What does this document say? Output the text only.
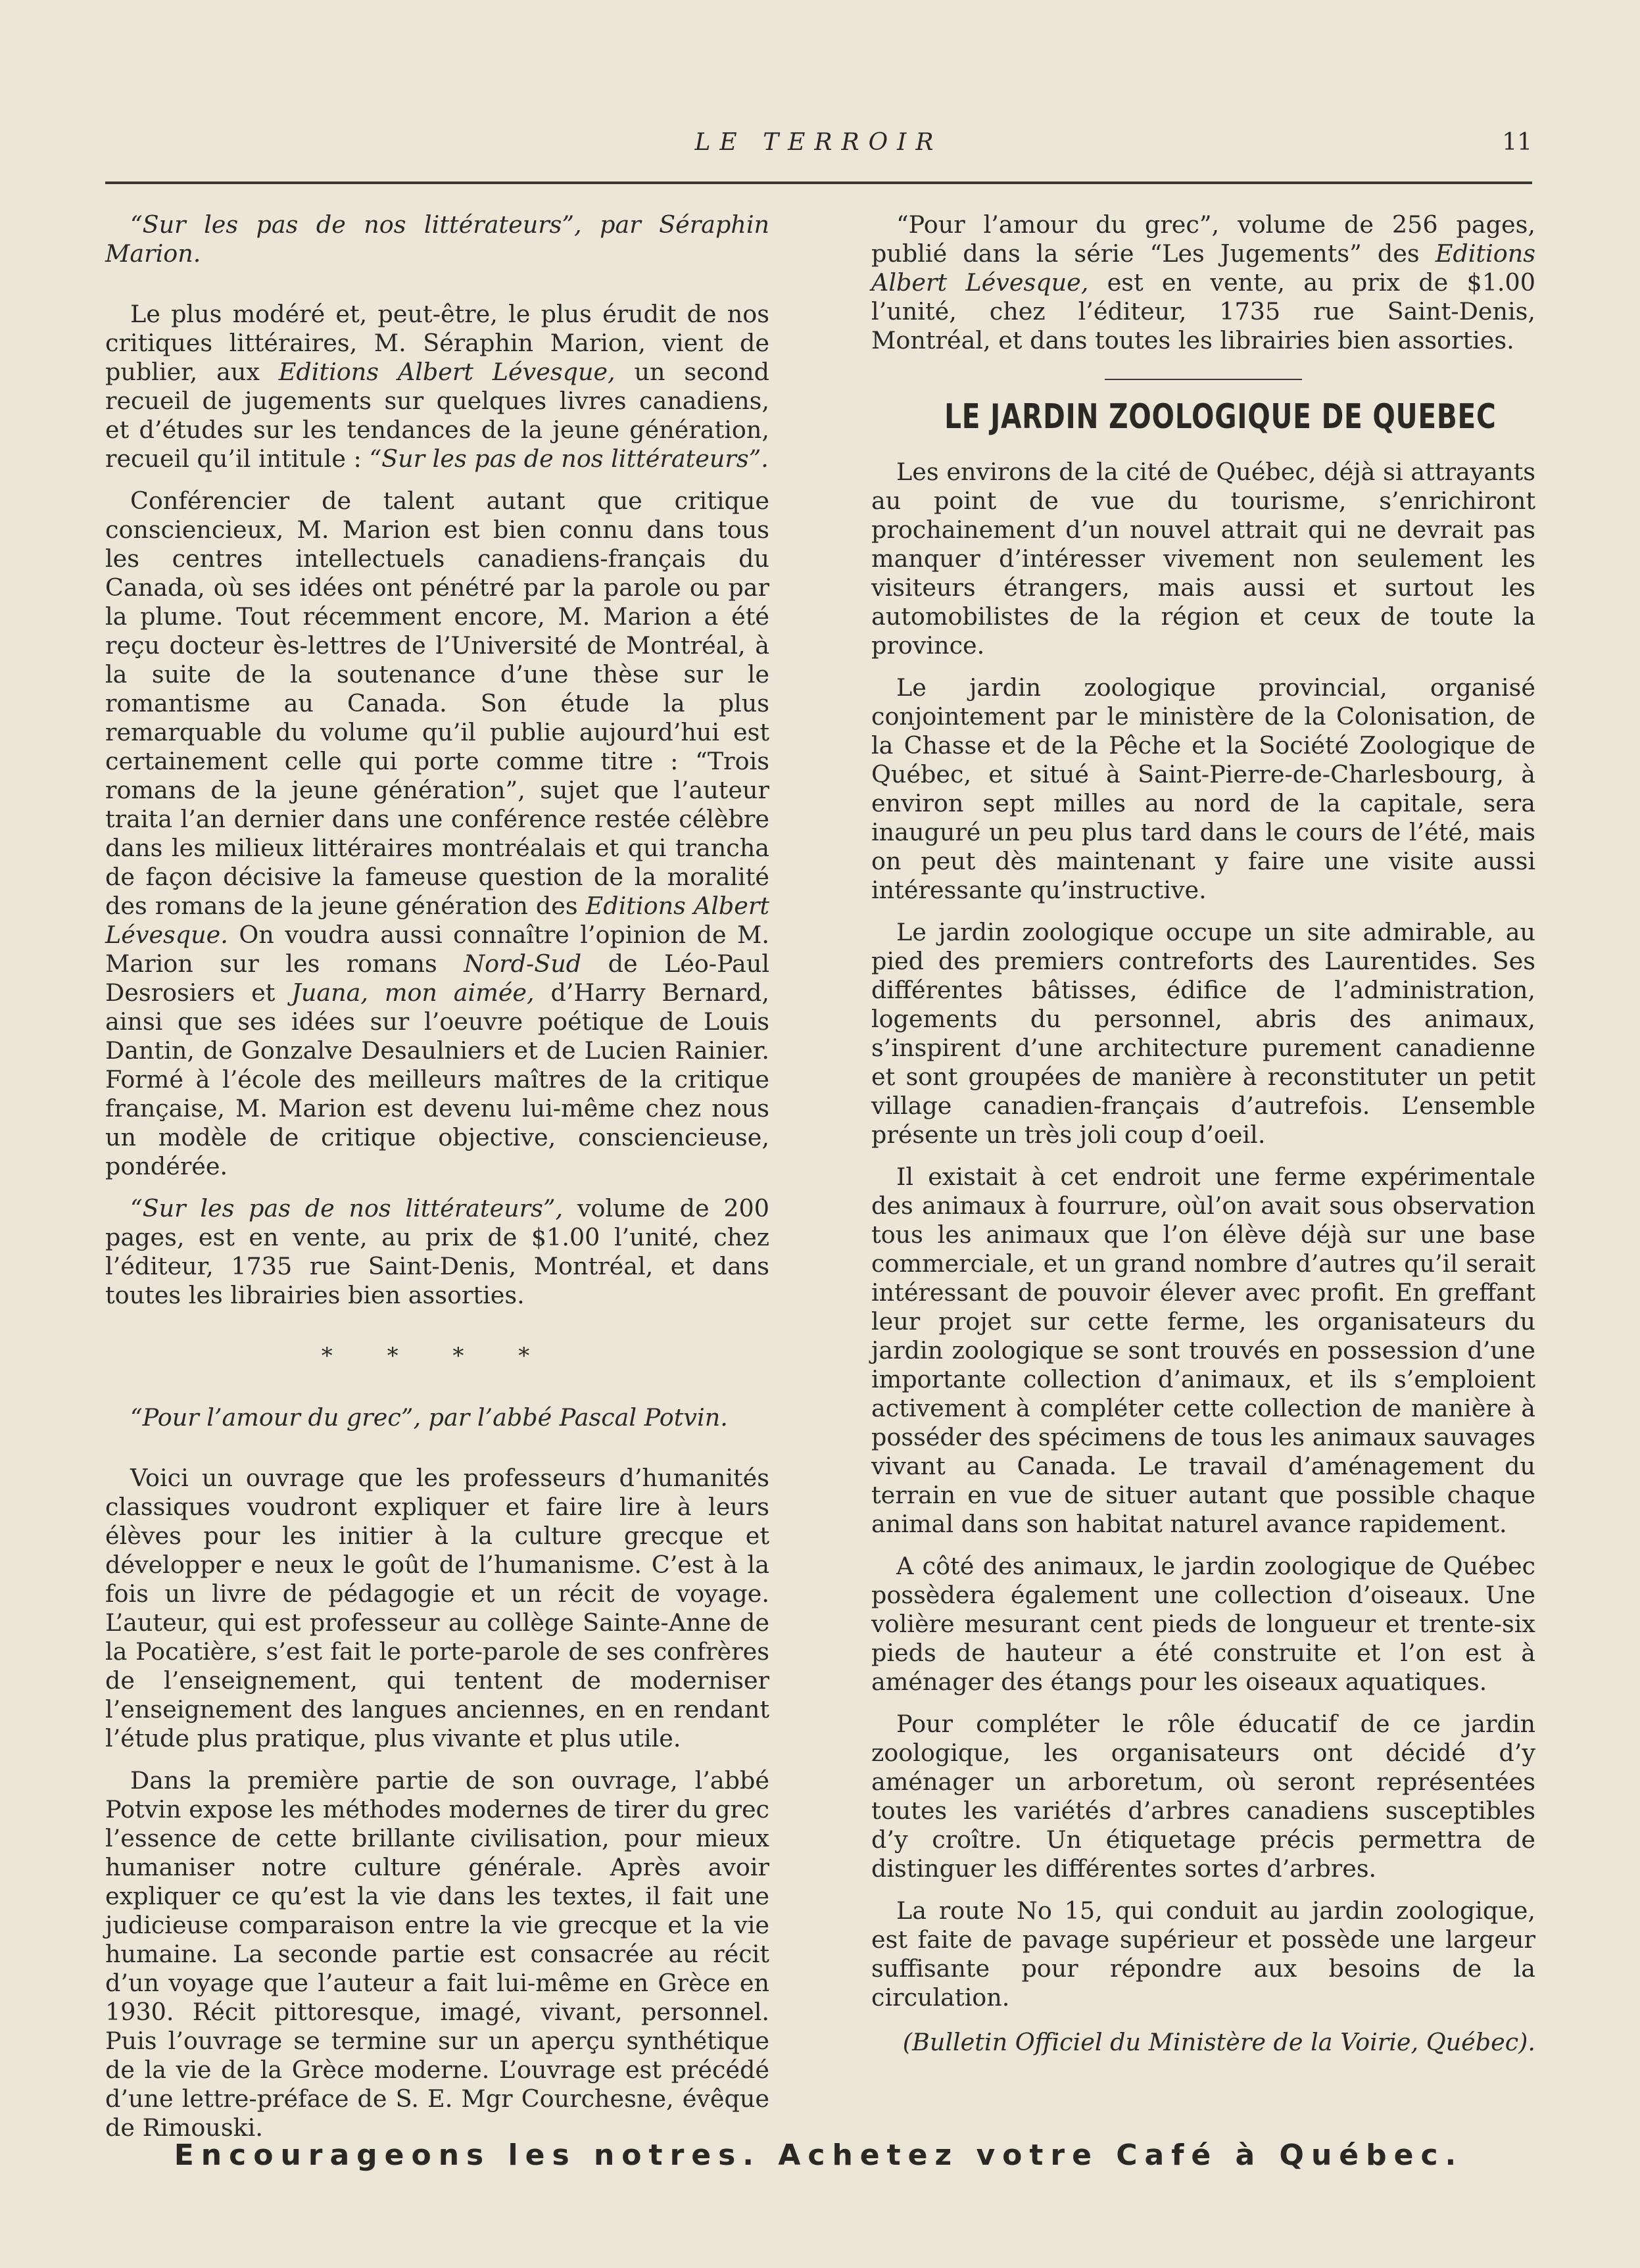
LE TERROIR	11

“Sur les pas de nos littérateurs”, par Séraphin Marion.

Le plus modéré et, peut-être, le plus érudit de nos critiques littéraires, M. Séraphin Marion, vient de publier, aux Editions Albert Lévesque, un second recueil de jugements sur quelques livres canadiens, et d’études sur les tendances de la jeune génération, recueil qu’il intitule : “Sur les pas de nos littérateurs”.

Conférencier de talent autant que critique consciencieux, M. Marion est bien connu dans tous les centres intellectuels canadiens-français du Canada, où ses idées ont pénétré par la parole ou par la plume. Tout récemment encore, M. Marion a été reçu docteur ès-lettres de l’Université de Montréal, à la suite de la soutenance d’une thèse sur le romantisme au Canada. Son étude la plus remarquable du volume qu’il publie aujourd’hui est certainement celle qui porte comme titre : “Trois romans de la jeune génération”, sujet que l’auteur traita l’an dernier dans une conférence restée célèbre dans les milieux littéraires montréalais et qui trancha de façon décisive la fameuse question de la moralité des romans de la jeune génération des Editions Albert Lévesque. On voudra aussi connaître l’opinion de M. Marion sur les romans Nord-Sud de Léo-Paul Desrosiers et Juana, mon aimée, d’Harry Bernard, ainsi que ses idées sur l’oeuvre poétique de Louis Dantin, de Gonzalve Desaulniers et de Lucien Rainier. Formé à l’école des meilleurs maîtres de la critique française, M. Marion est devenu lui-même chez nous un modèle de critique objective, consciencieuse, pondérée.

“Sur les pas de nos littérateurs”, volume de 200 pages, est en vente, au prix de $1.00 l’unité, chez l’éditeur, 1735 rue Saint-Denis, Montréal, et dans toutes les librairies bien assorties.

* * * *

“Pour l’amour du grec”, par l’abbé Pascal Potvin.

Voici un ouvrage que les professeurs d’humanités classiques voudront expliquer et faire lire à leurs élèves pour les initier à la culture grecque et développer e neux le goût de l’humanisme. C’est à la fois un livre de pédagogie et un récit de voyage. L’auteur, qui est professeur au collège Sainte-Anne de la Pocatière, s’est fait le porte-parole de ses confrères de l’enseignement, qui tentent de moderniser l’enseignement des langues anciennes, en en rendant l’étude plus pratique, plus vivante et plus utile.

Dans la première partie de son ouvrage, l’abbé Potvin expose les méthodes modernes de tirer du grec l’essence de cette brillante civilisation, pour mieux humaniser notre culture générale. Après avoir expliquer ce qu’est la vie dans les textes, il fait une judicieuse comparaison entre la vie grecque et la vie humaine. La seconde partie est consacrée au récit d’un voyage que l’auteur a fait lui-même en Grèce en 1930. Récit pittoresque, imagé, vivant, personnel. Puis l’ouvrage se termine sur un aperçu synthétique de la vie de la Grèce moderne. L’ouvrage est précédé d’une lettre-préface de S. E. Mgr Courchesne, évêque de Rimouski.

“Pour l’amour du grec”, volume de 256 pages, publié dans la série “Les Jugements” des Editions Albert Lévesque, est en vente, au prix de $1.00 l’unité, chez l’éditeur, 1735 rue Saint-Denis, Montréal, et dans toutes les librairies bien assorties.

LE JARDIN ZOOLOGIQUE DE QUEBEC

Les environs de la cité de Québec, déjà si attrayants au point de vue du tourisme, s’enrichiront prochainement d’un nouvel attrait qui ne devrait pas manquer d’intéresser vivement non seulement les visiteurs étrangers, mais aussi et surtout les automobilistes de la région et ceux de toute la province.

Le jardin zoologique provincial, organisé conjointement par le ministère de la Colonisation, de la Chasse et de la Pêche et la Société Zoologique de Québec, et situé à Saint-Pierre-de-Charlesbourg, à environ sept milles au nord de la capitale, sera inauguré un peu plus tard dans le cours de l’été, mais on peut dès maintenant y faire une visite aussi intéressante qu’instructive.

Le jardin zoologique occupe un site admirable, au pied des premiers contreforts des Laurentides. Ses différentes bâtisses, édifice de l’administration, logements du personnel, abris des animaux, s’inspirent d’une architecture purement canadienne et sont groupées de manière à reconstituter un petit village canadien-français d’autrefois. L’ensemble présente un très joli coup d’oeil.

Il existait à cet endroit une ferme expérimentale des animaux à fourrure, oùl’on avait sous observation tous les animaux que l’on élève déjà sur une base commerciale, et un grand nombre d’autres qu’il serait intéressant de pouvoir élever avec profit. En greffant leur projet sur cette ferme, les organisateurs du jardin zoologique se sont trouvés en possession d’une importante collection d’animaux, et ils s’emploient activement à compléter cette collection de manière à posséder des spécimens de tous les animaux sauvages vivant au Canada. Le travail d’aménagement du terrain en vue de situer autant que possible chaque animal dans son habitat naturel avance rapidement.

A côté des animaux, le jardin zoologique de Québec possèdera également une collection d’oiseaux. Une volière mesurant cent pieds de longueur et trente-six pieds de hauteur a été construite et l’on est à aménager des étangs pour les oiseaux aquatiques.

Pour compléter le rôle éducatif de ce jardin zoologique, les organisateurs ont décidé d’y aménager un arboretum, où seront représentées toutes les variétés d’arbres canadiens susceptibles d’y croître. Un étiquetage précis permettra de distinguer les différentes sortes d’arbres.

La route No 15, qui conduit au jardin zoologique, est faite de pavage supérieur et possède une largeur suffisante pour répondre aux besoins de la circulation.

(Bulletin Officiel du Ministère de la Voirie, Québec).
Encourageons les notres. Achetez votre Café à Québec.
